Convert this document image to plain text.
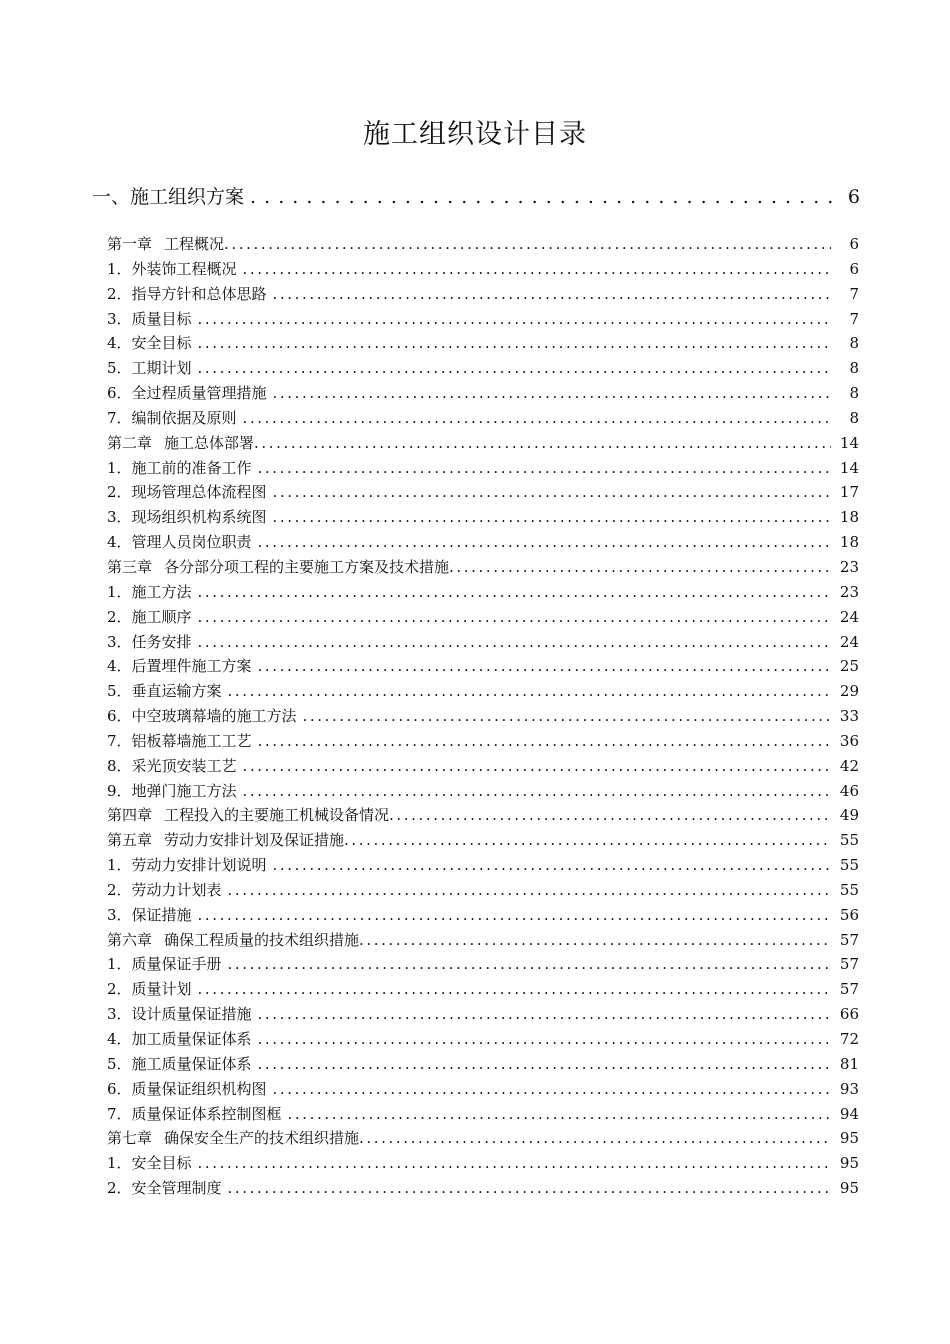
施工组织设计目录
一、 施工组织方案 . . .	6
第一章 工程概况 .....	6
1．外装饰工程概况 .....	6
2．指导方针和总体思路 .....	7
3．质量目标 .....	7
4．安全目标 .....	8
5．工期计划 .....	8
6．全过程质量管理措施 .....	8
7．编制依据及原则 .....	8
第二章 施工总体部署 .....	14
1．施工前的准备工作 .....	14
2．现场管理总体流程图 .....	17
3．现场组织机构系统图 .....	18
4．管理人员岗位职责 .....	18
第三章 各分部分项工程的主要施工方案及技术措施 .....	23
1．施工方法 .....	23
2．施工顺序 .....	24
3．任务安排 .....	24
4．后置埋件施工方案 .....	25
5．垂直运输方案 .....	29
6．中空玻璃幕墙的施工方法 .....	33
7．铝板幕墙施工工艺 .....	36
8．采光顶安装工艺 .....	42
9．地弹门施工方法 .....	46
第四章 工程投入的主要施工机械设备情况 .....	49
第五章 劳动力安排计划及保证措施 .....	55
1．劳动力安排计划说明 .....	55
2．劳动力计划表 .....	55
3．保证措施 .....	56
第六章 确保工程质量的技术组织措施 .....	57
1．质量保证手册 .....	57
2．质量计划 .....	57
3．设计质量保证措施 .....	66
4．加工质量保证体系 .....	72
5．施工质量保证体系 .....	81
6．质量保证组织机构图 .....	93
7．质量保证体系控制图框 .....	94
第七章 确保安全生产的技术组织措施 .....	95
1．安全目标 .....	95
2．安全管理制度 .....	95
